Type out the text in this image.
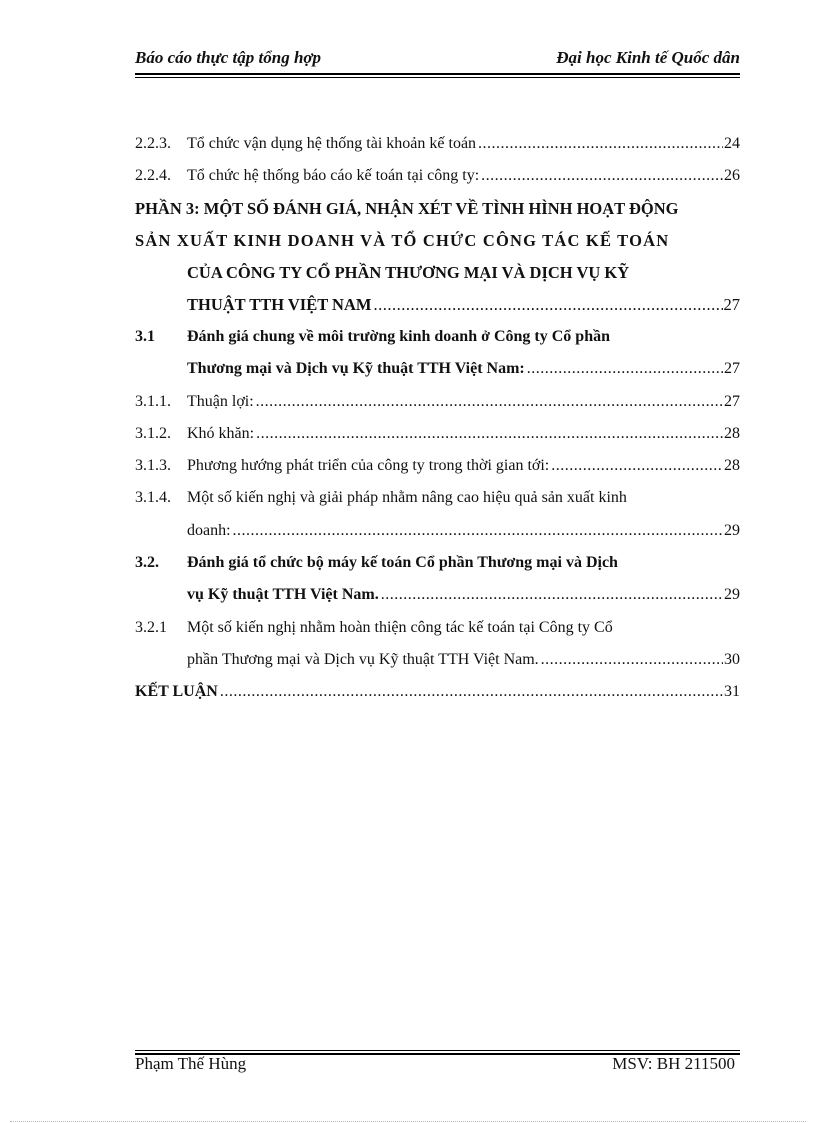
Báo cáo thực tập tổng hợp	Đại học Kinh tế Quốc dân
2.2.3.	Tổ chức vận dụng hệ thống tài khoản kế toán .....	24
2.2.4.	Tổ chức hệ thống báo cáo kế toán tại công ty: .....	26
PHẦN 3: MỘT SỐ ĐÁNH GIÁ, NHẬN XÉT VỀ TÌNH HÌNH HOẠT ĐỘNG
SẢN XUẤT KINH DOANH VÀ TỔ CHỨC CÔNG TÁC KẾ TOÁN
CỦA CÔNG TY CỔ PHẦN THƯƠNG MẠI VÀ DỊCH VỤ KỸ
THUẬT TTH VIỆT NAM .....	27
3.1	Đánh giá chung về môi trường kinh doanh ở Công ty Cổ phần
Thương mại và Dịch vụ Kỹ thuật TTH Việt Nam: .....	27
3.1.1.	Thuận lợi: .....	27
3.1.2.	Khó khăn: .....	28
3.1.3.	Phương hướng phát triển của công ty trong thời gian tới: .....	28
3.1.4.	Một số kiến nghị và giải pháp nhằm nâng cao hiệu quả sản xuất kinh
doanh: .....	29
3.2.	Đánh giá tổ chức bộ máy kế toán Cổ phần Thương mại và Dịch
vụ Kỹ thuật TTH Việt Nam. .....	29
3.2.1	Một số kiến nghị nhằm hoàn thiện công tác kế toán tại Công ty Cổ
phần Thương mại và Dịch vụ Kỹ thuật TTH Việt Nam. .....	30
KẾT LUẬN .....	31
Phạm Thế Hùng	MSV: BH 211500
